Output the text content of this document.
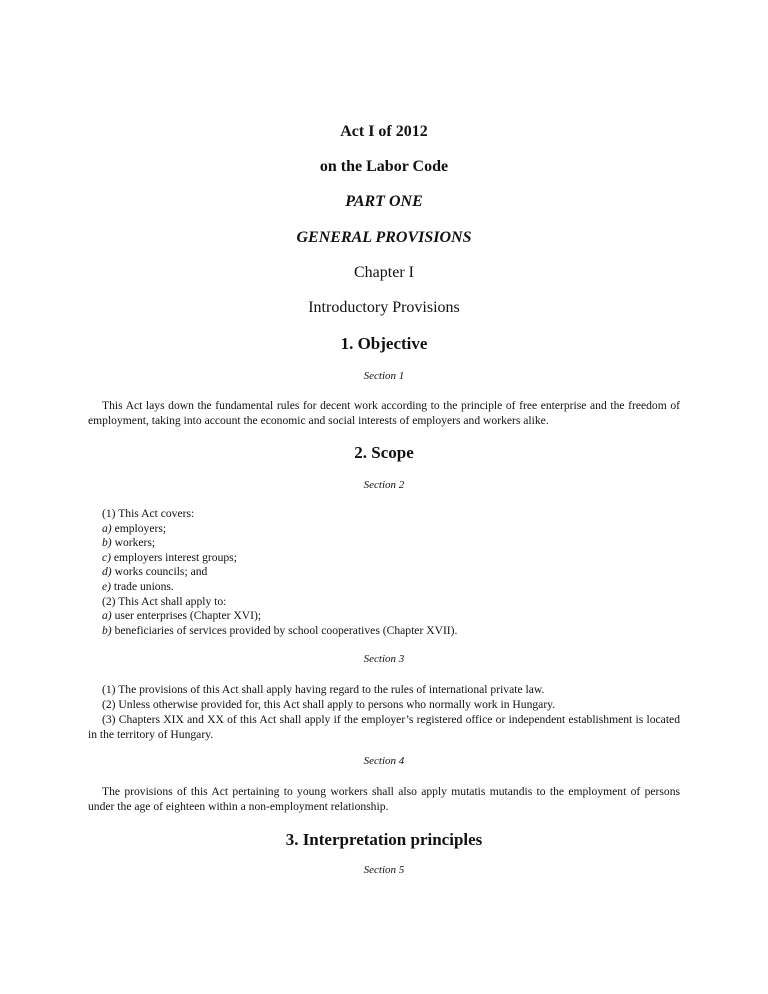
Act I of 2012
on the Labor Code
PART ONE
GENERAL PROVISIONS
Chapter I
Introductory Provisions
1. Objective
Section 1

This Act lays down the fundamental rules for decent work according to the principle of free enterprise and the freedom of employment, taking into account the economic and social interests of employers and workers alike.

2. Scope
Section 2
(1) This Act covers:
a) employers;
b) workers;
c) employers interest groups;
d) works councils; and
e) trade unions.
(2) This Act shall apply to:
a) user enterprises (Chapter XVI);
b) beneficiaries of services provided by school cooperatives (Chapter XVII).
Section 3

(1) The provisions of this Act shall apply having regard to the rules of international private law.

(2) Unless otherwise provided for, this Act shall apply to persons who normally work in Hungary.

(3) Chapters XIX and XX of this Act shall apply if the employer’s registered office or independent establishment is located in the territory of Hungary.

Section 4

The provisions of this Act pertaining to young workers shall also apply mutatis mutandis to the employment of persons under the age of eighteen within a non-employment relationship.

3. Interpretation principles
Section 5
